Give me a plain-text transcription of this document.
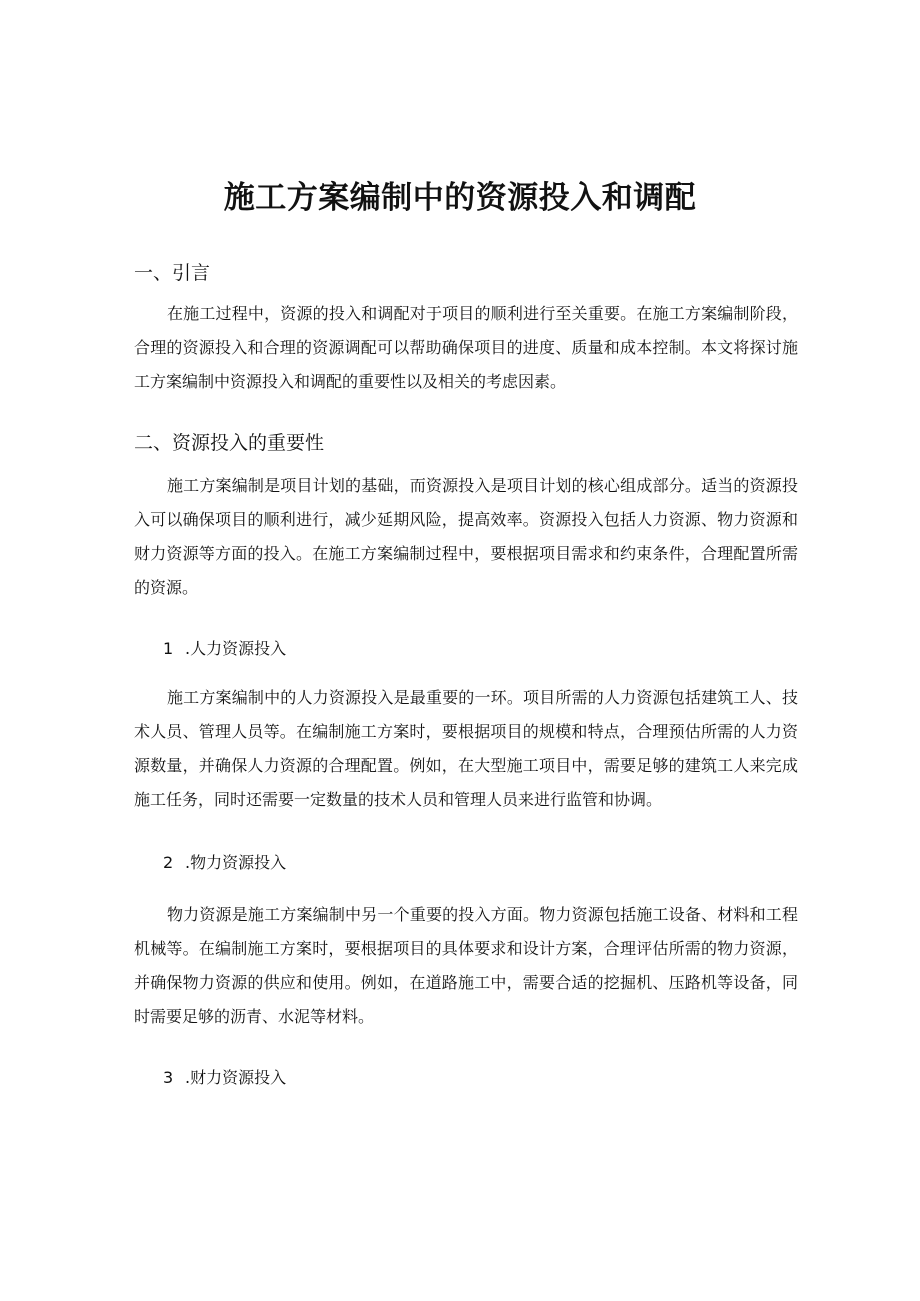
施工方案编制中的资源投入和调配
一、引言

在施工过程中，资源的投入和调配对于项目的顺利进行至关重要。在施工方案编制阶段，合理的资源投入和合理的资源调配可以帮助确保项目的进度、质量和成本控制。本文将探讨施工方案编制中资源投入和调配的重要性以及相关的考虑因素。

二、资源投入的重要性

施工方案编制是项目计划的基础，而资源投入是项目计划的核心组成部分。适当的资源投入可以确保项目的顺利进行，减少延期风险，提高效率。资源投入包括人力资源、物力资源和财力资源等方面的投入。在施工方案编制过程中，要根据项目需求和约束条件，合理配置所需的资源。

1 .人力资源投入

施工方案编制中的人力资源投入是最重要的一环。项目所需的人力资源包括建筑工人、技术人员、管理人员等。在编制施工方案时，要根据项目的规模和特点，合理预估所需的人力资源数量，并确保人力资源的合理配置。例如，在大型施工项目中，需要足够的建筑工人来完成施工任务，同时还需要一定数量的技术人员和管理人员来进行监管和协调。

2 .物力资源投入

物力资源是施工方案编制中另一个重要的投入方面。物力资源包括施工设备、材料和工程机械等。在编制施工方案时，要根据项目的具体要求和设计方案，合理评估所需的物力资源，并确保物力资源的供应和使用。例如，在道路施工中，需要合适的挖掘机、压路机等设备，同时需要足够的沥青、水泥等材料。

3 .财力资源投入
